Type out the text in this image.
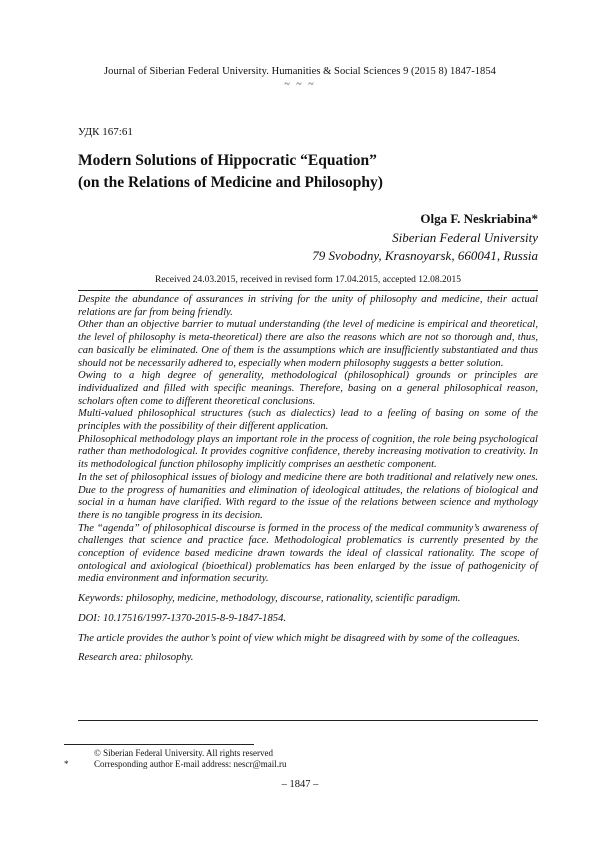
Journal of Siberian Federal University. Humanities & Social Sciences 9 (2015 8) 1847-1854
~ ~ ~
УДК 167:61
Modern Solutions of Hippocratic “Equation”
(on the Relations of Medicine and Philosophy)
Olga F. Neskriabina*
Siberian Federal University
79 Svobodny, Krasnoyarsk, 660041, Russia
Received 24.03.2015, received in revised form 17.04.2015, accepted 12.08.2015

Despite the abundance of assurances in striving for the unity of philosophy and medicine, their actual relations are far from being friendly.

Other than an objective barrier to mutual understanding (the level of medicine is empirical and theoretical, the level of philosophy is meta-theoretical) there are also the reasons which are not so thorough and, thus, can basically be eliminated. One of them is the assumptions which are insufficiently substantiated and thus should not be necessarily adhered to, especially when modern philosophy suggests a better solution.

Owing to a high degree of generality, methodological (philosophical) grounds or principles are individualized and filled with specific meanings. Therefore, basing on a general philosophical reason, scholars often come to different theoretical conclusions.

Multi-valued philosophical structures (such as dialectics) lead to a feeling of basing on some of the principles with the possibility of their different application.

Philosophical methodology plays an important role in the process of cognition, the role being psychological rather than methodological. It provides cognitive confidence, thereby increasing motivation to creativity. In its methodological function philosophy implicitly comprises an aesthetic component.

In the set of philosophical issues of biology and medicine there are both traditional and relatively new ones. Due to the progress of humanities and elimination of ideological attitudes, the relations of biological and social in a human have clarified. With regard to the issue of the relations between science and mythology there is no tangible progress in its decision.

The “agenda” of philosophical discourse is formed in the process of the medical community’s awareness of challenges that science and practice face. Methodological problematics is currently presented by the conception of evidence based medicine drawn towards the ideal of classical rationality. The scope of ontological and axiological (bioethical) problematics has been enlarged by the issue of pathogenicity of media environment and information security.

Keywords: philosophy, medicine, methodology, discourse, rationality, scientific paradigm.

DOI: 10.17516/1997-1370-2015-8-9-1847-1854.

The article provides the author’s point of view which might be disagreed with by some of the colleagues.

Research area: philosophy.

© Siberian Federal University. All rights reserved
*	Corresponding author E-mail address: nescr@mail.ru
– 1847 –
